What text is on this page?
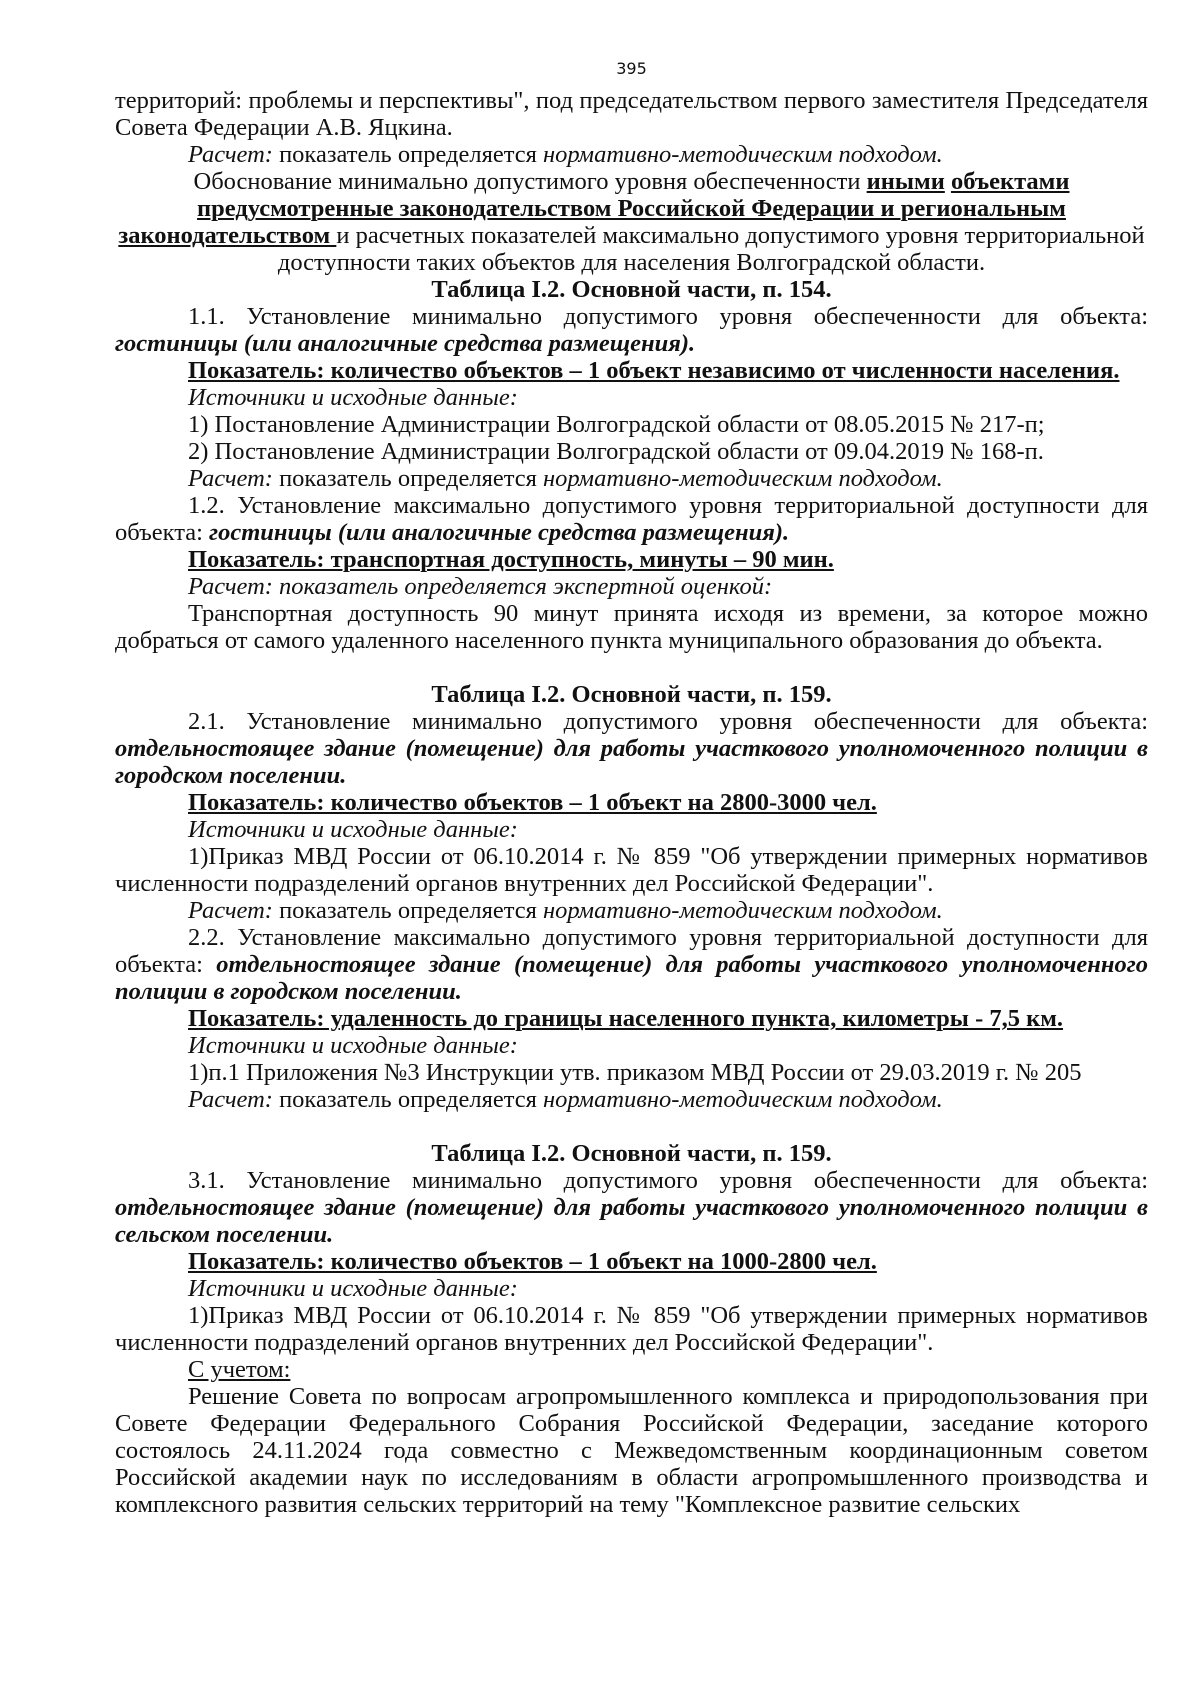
395

территорий: проблемы и перспективы", под председательством первого заместителя Председателя Совета Федерации А.В. Яцкина.

Расчет: показатель определяется нормативно-методическим подходом.

Обоснование минимально допустимого уровня обеспеченности иными объектами предусмотренные законодательством Российской Федерации и региональным законодательством и расчетных показателей максимально допустимого уровня территориальной доступности таких объектов для населения Волгоградской области.

Таблица I.2. Основной части, п. 154.

1.1. Установление минимально допустимого уровня обеспеченности для объекта: гостиницы (или аналогичные средства размещения).

Показатель: количество объектов – 1 объект независимо от численности населения.

Источники и исходные данные:

1) Постановление Администрации Волгоградской области от 08.05.2015 № 217-п;

2) Постановление Администрации Волгоградской области от 09.04.2019 № 168-п.

Расчет: показатель определяется нормативно-методическим подходом.

1.2. Установление максимально допустимого уровня территориальной доступности для объекта: гостиницы (или аналогичные средства размещения).

Показатель: транспортная доступность, минуты – 90 мин.

Расчет: показатель определяется экспертной оценкой:

Транспортная доступность 90 минут принята исходя из времени, за которое можно добраться от самого удаленного населенного пункта муниципального образования до объекта.

Таблица I.2. Основной части, п. 159.

2.1. Установление минимально допустимого уровня обеспеченности для объекта: отдельностоящее здание (помещение) для работы участкового уполномоченного полиции в городском поселении.

Показатель: количество объектов – 1 объект на 2800-3000 чел.

Источники и исходные данные:

1)Приказ МВД России от 06.10.2014 г. № 859 "Об утверждении примерных нормативов численности подразделений органов внутренних дел Российской Федерации".

Расчет: показатель определяется нормативно-методическим подходом.

2.2. Установление максимально допустимого уровня территориальной доступности для объекта: отдельностоящее здание (помещение) для работы участкового уполномоченного полиции в городском поселении.

Показатель: удаленность до границы населенного пункта, километры - 7,5 км.

Источники и исходные данные:

1)п.1 Приложения №3 Инструкции утв. приказом МВД России от 29.03.2019 г. № 205

Расчет: показатель определяется нормативно-методическим подходом.

Таблица I.2. Основной части, п. 159.

3.1. Установление минимально допустимого уровня обеспеченности для объекта: отдельностоящее здание (помещение) для работы участкового уполномоченного полиции в сельском поселении.

Показатель: количество объектов – 1 объект на 1000-2800 чел.

Источники и исходные данные:

1)Приказ МВД России от 06.10.2014 г. № 859 "Об утверждении примерных нормативов численности подразделений органов внутренних дел Российской Федерации".

С учетом:

Решение Совета по вопросам агропромышленного комплекса и природопользования при Совете Федерации Федерального Собрания Российской Федерации, заседание которого состоялось 24.11.2024 года совместно с Межведомственным координационным советом Российской академии наук по исследованиям в области агропромышленного производства и комплексного развития сельских территорий на тему "Комплексное развитие сельских
